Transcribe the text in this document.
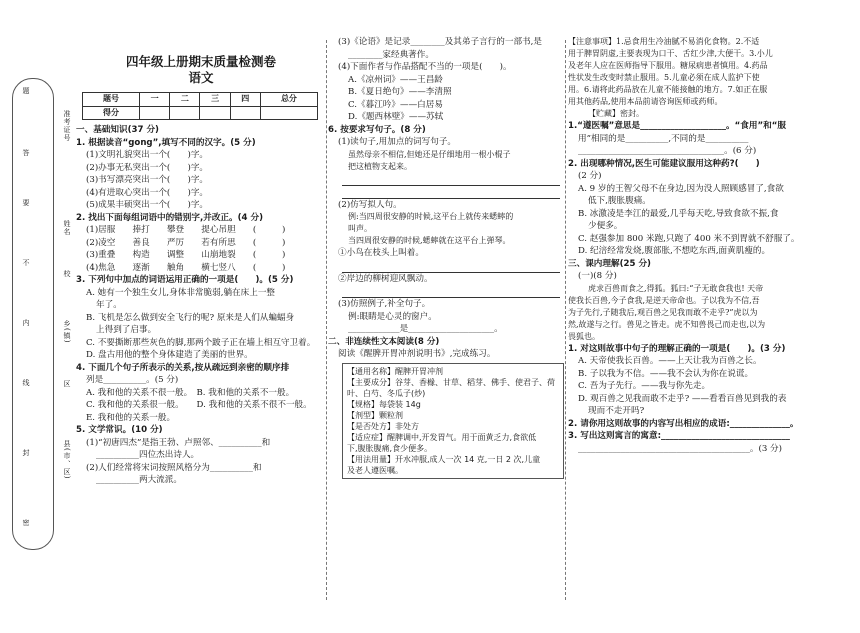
题
答
要
不
内
线
封
密
准考证号
姓名
校
乡(镇)
区
县(市、区)
四年级上册期末质量检测卷
语文
题号	一	二	三	四	总分
得分					
一、基础知识(37 分)
1. 根据读音“gong”,填写不同的汉字。(5 分)
(1)文明礼貌突出一个(　　)字。
(2)办事无私突出一个(　　)字。
(3)书写漂亮突出一个(　　)字。
(4)有进取心突出一个(　　)字。
(5)成果丰硕突出一个(　　)字。
2. 找出下面每组词语中的错别字,并改正。(4 分)
(1)居服　　捧打　　攀登　　提心吊胆　　(　　　)
(2)凌空　　善良　　严厉　　若有所思　　(　　　)
(3)重叠　　构造　　调整　　山崩地裂　　(　　　)
(4)焦急　　逐渐　　触角　　横七竖八　　(　　　)
3. 下列句中加点的词语运用正确的一项是(　　)。(5 分)
A. 她有一个独生女儿,身体非常脆弱,躺在床上一整
年了。
B. 飞机是怎么做到安全飞行的呢? 原来是人们从蝙蝠身
上得到了启事。
C. 不要撕断那些灰色的脚,那两个跛子正在墙上相互守卫着。
D. 盘古用他的整个身体建造了美丽的世界。
4. 下面几个句子所表示的关系,按从疏远到亲密的顺序排
列是__________。(5 分)
A. 我和他的关系不很一般。　B. 我和他的关系不一般。
C. 我和他的关系很一般。　　D. 我和他的关系不很不一般。
E. 我和他的关系一般。
5. 文学常识。(10 分)
(1)“初唐四杰”是指王勃、卢照邻、__________和
__________四位杰出诗人。
(2)人们经常将宋词按照风格分为__________和
__________两大流派。
(3)《论语》是记录________及其弟子言行的一部书,是
________家经典著作。
(4)下面作者与作品搭配不当的一项是(　　)。
A.《凉州词》——王昌龄
B.《夏日绝句》——李清照
C.《暮江吟》——白居易
D.《题西林壁》——苏轼
6. 按要求写句子。(8 分)
(1)读句子,用加点的词写句子。
虽然母亲不相信,但她还是仔细地用一根小棍子
把这植物支起来。
(2)仿写拟人句。
例:当四周很安静的时候,这平台上就传来蟋蟀的
叫声。
当四周很安静的时候,蟋蟀就在这平台上弹琴。
①小鸟在枝头上叫着。
②岸边的柳树迎风飘动。
(3)仿照例子,补全句子。
例:眼睛是心灵的窗户。
____________是____________________。
二、非连续性文本阅读(8 分)
阅读《醒脾开胃冲剂说明书》,完成练习。
【通用名称】醒脾开胃冲剂
【主要成分】谷芽、香橼、甘草、稻芽、佛手、使君子、荷
叶、白芍、冬瓜子(炒)
【规格】每袋装 14g
【剂型】颗粒剂
【是否处方】非处方
【适应症】醒脾调中,开发胃气。用于面黄乏力,食欲低
下,腹胀腹痛,食少便多。
【用法用量】开水冲服,成人一次 14 克,一日 2 次,儿童
及老人遵医嘱。
【注意事项】1.忌食用生冷油腻不易消化食物。2.不适
用于脾胃阴虚,主要表现为口干、舌红少津,大便干。3.小儿
及老年人应在医师指导下服用。糖尿病患者慎用。4.药品
性状发生改变时禁止服用。5.儿童必须在成人监护下使
用。6.请将此药品放在儿童不能接触的地方。7.如正在服
用其他药品,使用本品前请咨询医师或药师。
【贮藏】密封。
1.“遵医嘱”意思是____________________。“食用”和“服
用”相同的是__________,不同的是__________
__________________________________。(6 分)
2. 出现哪种情况,医生可能建议服用这种药?(　　)
(2 分)
A. 9 岁的王智父母不在身边,因为没人照顾感冒了,食欲
低下,腹胀腹痛。
B. 冰激凌是李江的最爱,几乎每天吃,导致食欲不振,食
少便多。
C. 赵强参加 800 米跑,只跑了 400 米不到胃就不舒服了。
D. 纪涪经常发烧,腹部胀,不想吃东西,面黄肌瘦的。
三、课内理解(25 分)
(一)(8 分)
虎求百兽而食之,得狐。狐曰:“子无敢食我也! 天帝
使我长百兽,今子食我,是逆天帝命也。子以我为不信,吾
为子先行,子随我后,观百兽之见我而敢不走乎?”虎以为
然,故遂与之行。兽见之皆走。虎不知兽畏己而走也,以为
畏狐也。
1. 对这则故事中句子的理解正确的一项是(　　)。(3 分)
A. 天帝使我长百兽。——上天让我为百兽之长。
B. 子以我为不信。——我不会认为你在说谎。
C. 吾为子先行。——我与你先走。
D. 观百兽之见我而敢不走乎? ——看看百兽见到我的表
现而不走开吗?
2. 请你用这则故事的内容写出相应的成语:______________。
3. 写出这则寓言的寓意:______________________________
________________________________________。(3 分)
